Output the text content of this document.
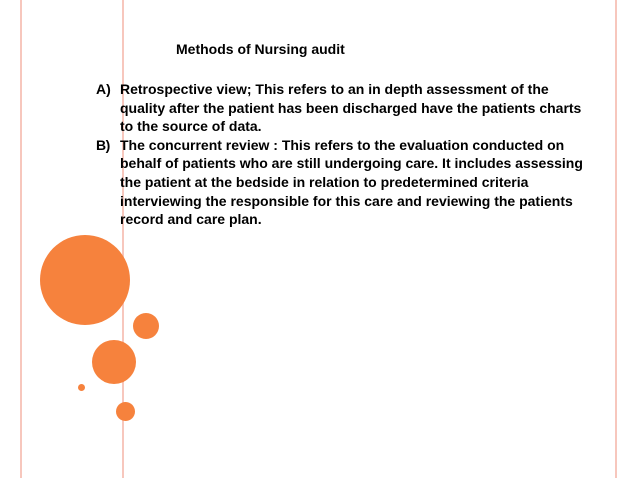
Methods of Nursing audit
A) Retrospective view; This refers to an in depth assessment of the quality after the patient has been discharged have the patients charts to the source of data.
B) The concurrent review : This refers to the evaluation conducted on behalf of patients who are still undergoing care. It includes assessing the patient at the bedside in relation to predetermined criteria interviewing the responsible for this care and reviewing the patients record and care plan.
